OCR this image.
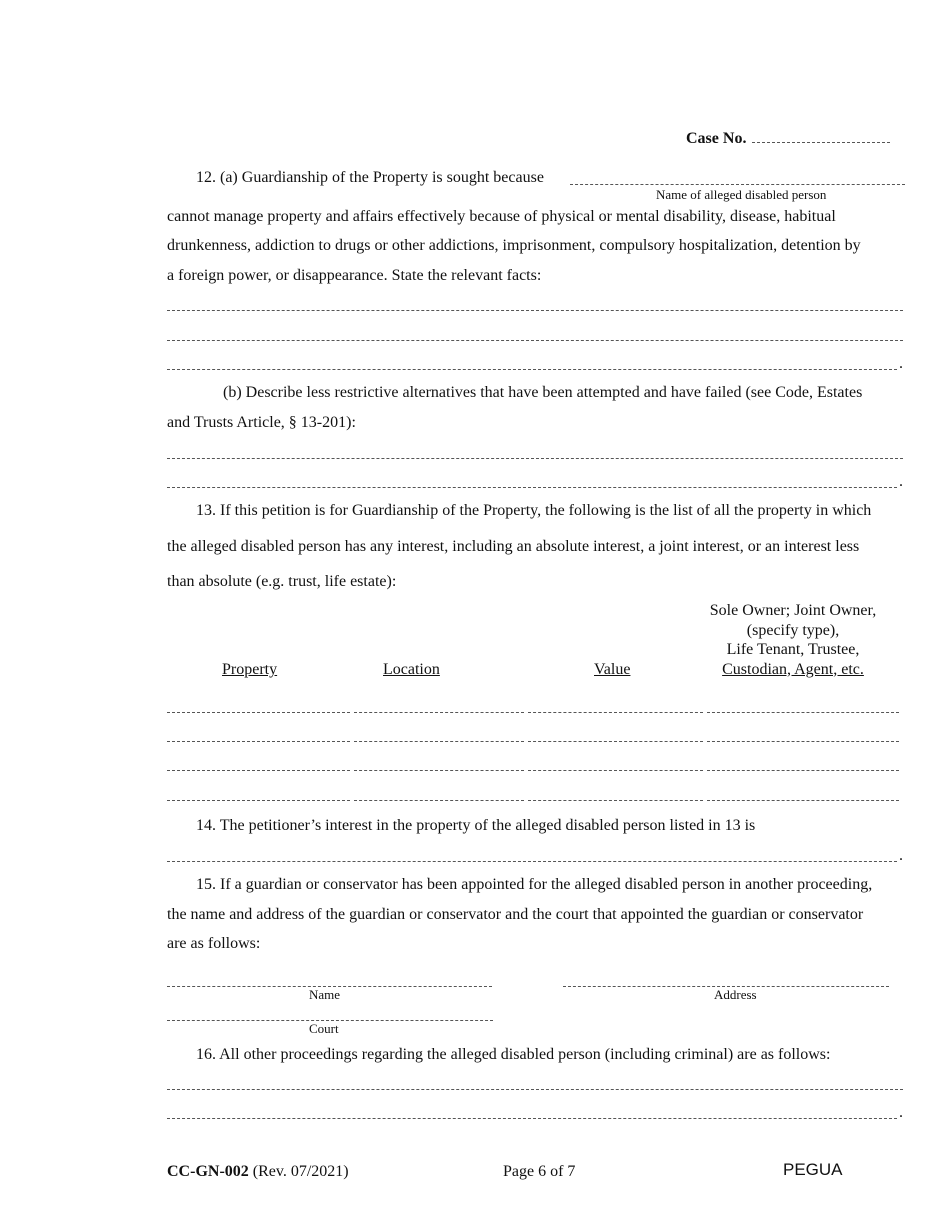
Case No.
12. (a) Guardianship of the Property is sought because
Name of alleged disabled person
cannot manage property and affairs effectively because of physical or mental disability, disease, habitual
drunkenness, addiction to drugs or other addictions, imprisonment, compulsory hospitalization, detention by
a foreign power, or disappearance. State the relevant facts:
.
(b) Describe less restrictive alternatives that have been attempted and have failed (see Code, Estates
and Trusts Article, § 13-201):
.
13. If this petition is for Guardianship of the Property, the following is the list of all the property in which
the alleged disabled person has any interest, including an absolute interest, a joint interest, or an interest less
than absolute (e.g. trust, life estate):
Property	Location	Value
Sole Owner; Joint Owner,
(specify type),
Life Tenant, Trustee,
Custodian, Agent, etc.
14. The petitioner’s interest in the property of the alleged disabled person listed in 13 is
.
15. If a guardian or conservator has been appointed for the alleged disabled person in another proceeding,
the name and address of the guardian or conservator and the court that appointed the guardian or conservator
are as follows:
Name	Address
Court
16. All other proceedings regarding the alleged disabled person (including criminal) are as follows:
.
CC-GN-002 (Rev. 07/2021)	Page 6 of 7	PEGUA
